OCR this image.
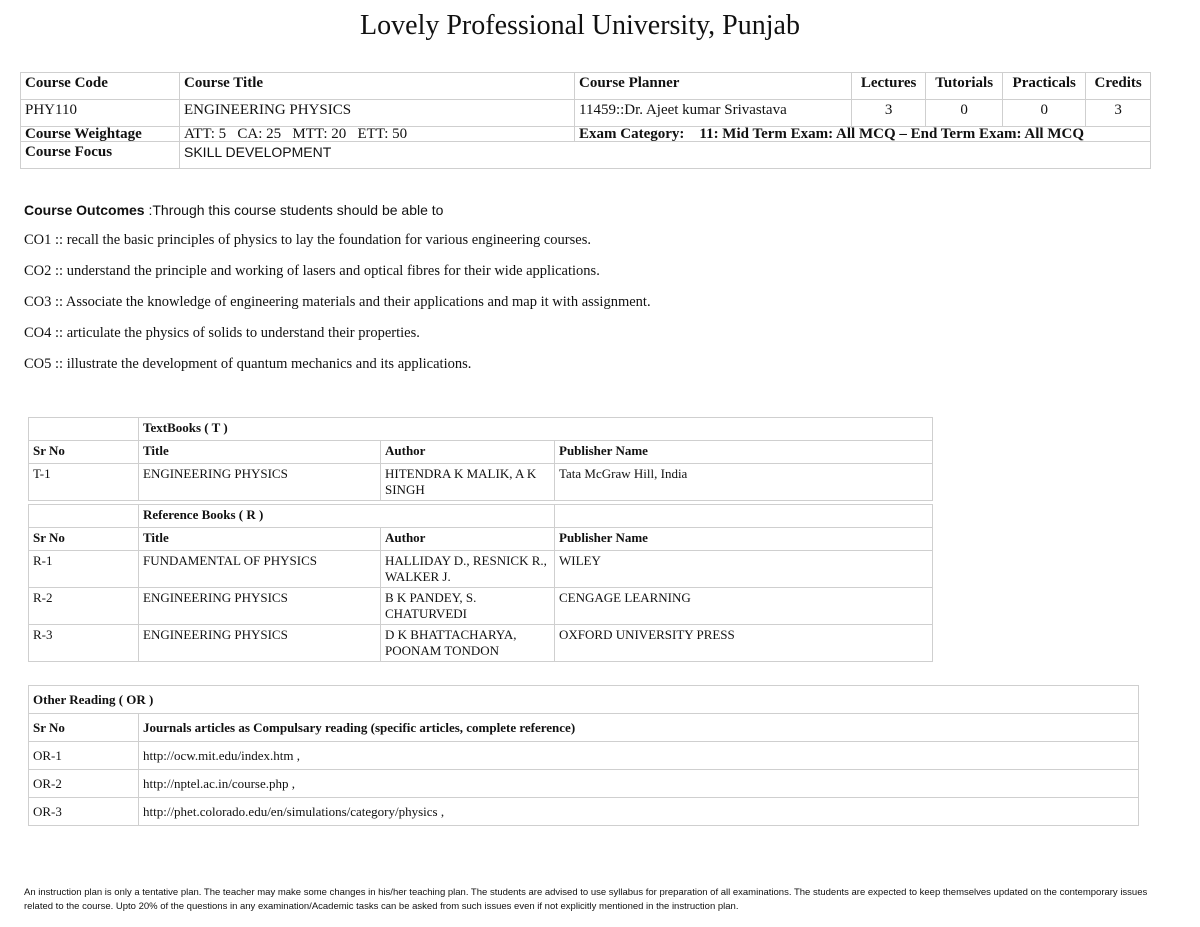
Lovely Professional University, Punjab
Course Code	Course Title	Course Planner	Lectures	Tutorials	Practicals	Credits
PHY110	ENGINEERING PHYSICS	11459::Dr. Ajeet kumar Srivastava	3	0	0	3
Course Weightage	ATT: 5   CA: 25   MTT: 20   ETT: 50	Exam Category: 11: Mid Term Exam: All MCQ – End Term Exam: All MCQ				
Course Focus	SKILL DEVELOPMENT					
Course Outcomes :Through this course students should be able to
CO1 :: recall the basic principles of physics to lay the foundation for various engineering courses.
CO2 :: understand the principle and working of lasers and optical fibres for their wide applications.
CO3 :: Associate the knowledge of engineering materials and their applications and map it with assignment.
CO4 :: articulate the physics of solids to understand their properties.
CO5 :: illustrate the development of quantum mechanics and its applications.
	TextBooks ( T )		
Sr No	Title	Author	Publisher Name
T-1	ENGINEERING PHYSICS	HITENDRA K MALIK, A K SINGH	Tata McGraw Hill, India

	Reference Books ( R )		
Sr No	Title	Author	Publisher Name
R-1	FUNDAMENTAL OF PHYSICS	HALLIDAY D., RESNICK R., WALKER J.	WILEY
R-2	ENGINEERING PHYSICS	B K PANDEY, S. CHATURVEDI	CENGAGE LEARNING
R-3	ENGINEERING PHYSICS	D K BHATTACHARYA, POONAM TONDON	OXFORD UNIVERSITY PRESS
Other Reading ( OR )	
Sr No	Journals articles as Compulsary reading (specific articles, complete reference)
OR-1	http://ocw.mit.edu/index.htm ,
OR-2	http://nptel.ac.in/course.php ,
OR-3	http://phet.colorado.edu/en/simulations/category/physics ,
An instruction plan is only a tentative plan. The teacher may make some changes in his/her teaching plan. The students are advised to use syllabus for preparation of all examinations. The students are expected to keep themselves updated on the contemporary issues related to the course. Upto 20% of the questions in any examination/Academic tasks can be asked from such issues even if not explicitly mentioned in the instruction plan.
